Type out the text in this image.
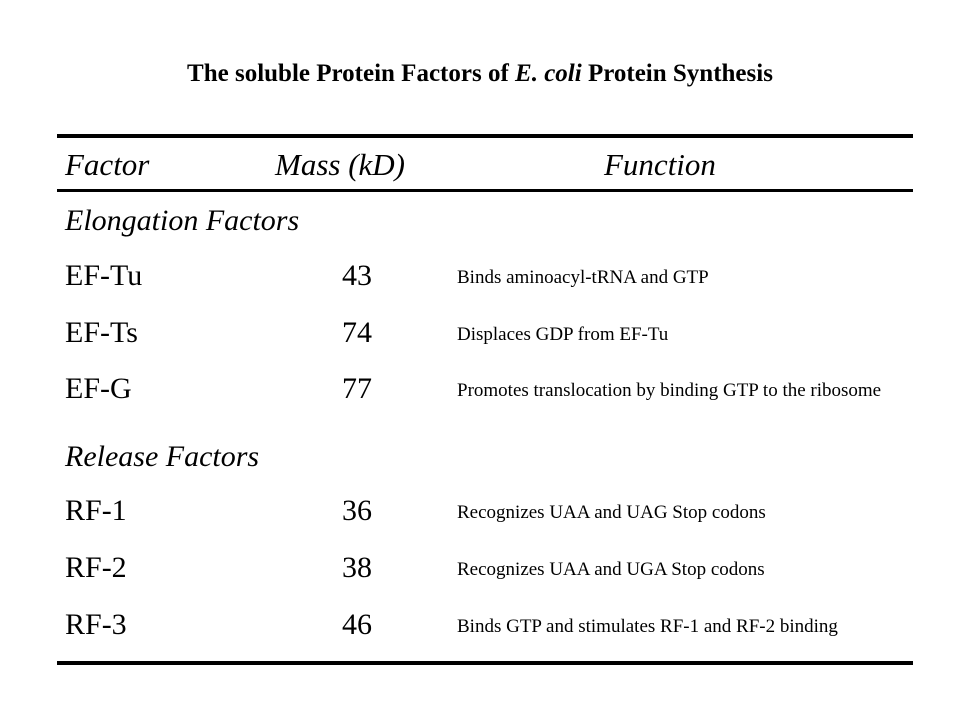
The soluble Protein Factors of E. coli Protein Synthesis
Factor	Mass (kD)	Function
Elongation Factors
EF-Tu	43	Binds aminoacyl-tRNA and GTP
EF-Ts	74	Displaces GDP from EF-Tu
EF-G	77	Promotes translocation by binding GTP to the ribosome
Release Factors
RF-1	36	Recognizes UAA and UAG Stop codons
RF-2	38	Recognizes UAA and UGA Stop codons
RF-3	46	Binds GTP and stimulates RF-1 and RF-2 binding
